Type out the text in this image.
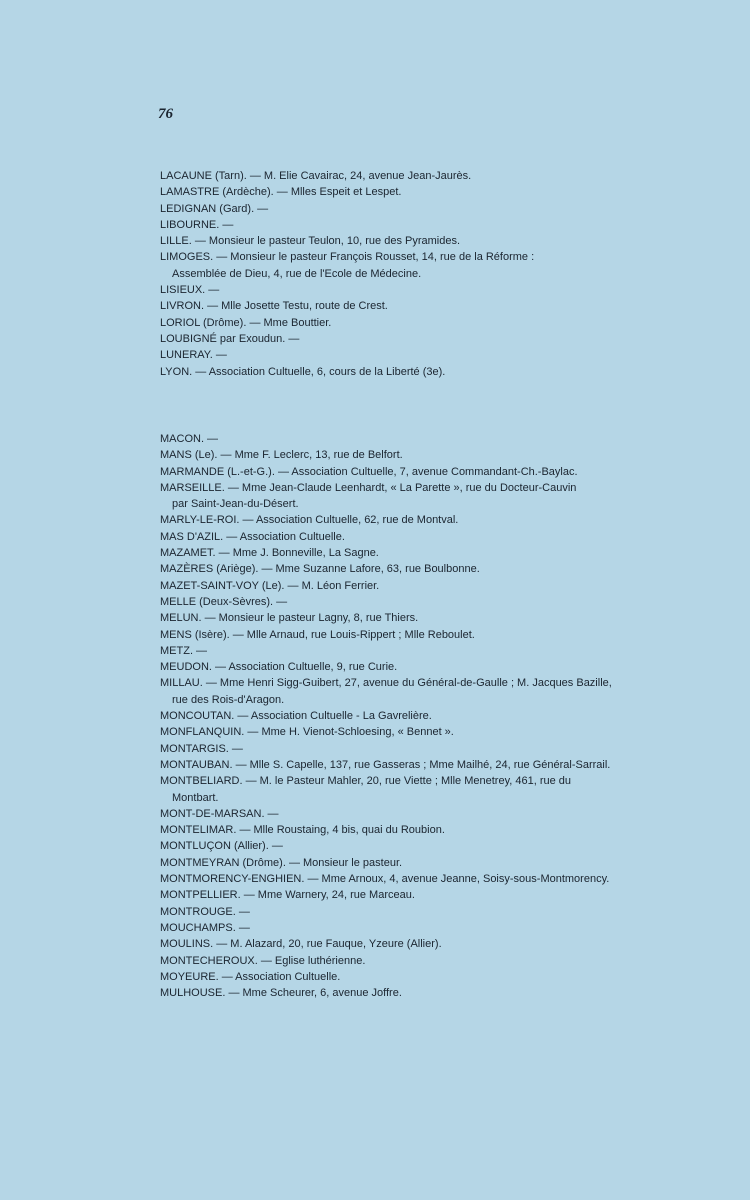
76
LACAUNE (Tarn). — M. Elie Cavairac, 24, avenue Jean-Jaurès.
LAMASTRE (Ardèche). — Mlles Espeit et Lespet.
LEDIGNAN (Gard). —
LIBOURNE. —
LILLE. — Monsieur le pasteur Teulon, 10, rue des Pyramides.
LIMOGES. — Monsieur le pasteur François Rousset, 14, rue de la Réforme :
Assemblée de Dieu, 4, rue de l'Ecole de Médecine.
LISIEUX. —
LIVRON. — Mlle Josette Testu, route de Crest.
LORIOL (Drôme). — Mme Bouttier.
LOUBIGNÉ par Exoudun. —
LUNERAY. —
LYON. — Association Cultuelle, 6, cours de la Liberté (3e).
MACON. —
MANS (Le). — Mme F. Leclerc, 13, rue de Belfort.
MARMANDE (L.-et-G.). — Association Cultuelle, 7, avenue Commandant-Ch.-Baylac.
MARSEILLE. — Mme Jean-Claude Leenhardt, « La Parette », rue du Docteur-Cauvin
par Saint-Jean-du-Désert.
MARLY-LE-ROI. — Association Cultuelle, 62, rue de Montval.
MAS D'AZIL. — Association Cultuelle.
MAZAMET. — Mme J. Bonneville, La Sagne.
MAZÈRES (Ariège). — Mme Suzanne Lafore, 63, rue Boulbonne.
MAZET-SAINT-VOY (Le). — M. Léon Ferrier.
MELLE (Deux-Sèvres). —
MELUN. — Monsieur le pasteur Lagny, 8, rue Thiers.
MENS (Isère). — Mlle Arnaud, rue Louis-Rippert ; Mlle Reboulet.
METZ. —
MEUDON. — Association Cultuelle, 9, rue Curie.
MILLAU. — Mme Henri Sigg-Guibert, 27, avenue du Général-de-Gaulle ; M. Jacques Bazille,
rue des Rois-d'Aragon.
MONCOUTAN. — Association Cultuelle - La Gavrelière.
MONFLANQUIN. — Mme H. Vienot-Schloesing, « Bennet ».
MONTARGIS. —
MONTAUBAN. — Mlle S. Capelle, 137, rue Gasseras ; Mme Mailhé, 24, rue Général-Sarrail.
MONTBELIARD. — M. le Pasteur Mahler, 20, rue Viette ; Mlle Menetrey, 461, rue du
Montbart.
MONT-DE-MARSAN. —
MONTELIMAR. — Mlle Roustaing, 4 bis, quai du Roubion.
MONTLUÇON (Allier). —
MONTMEYRAN (Drôme). — Monsieur le pasteur.
MONTMORENCY-ENGHIEN. — Mme Arnoux, 4, avenue Jeanne, Soisy-sous-Montmorency.
MONTPELLIER. — Mme Warnery, 24, rue Marceau.
MONTROUGE. —
MOUCHAMPS. —
MOULINS. — M. Alazard, 20, rue Fauque, Yzeure (Allier).
MONTECHEROUX. — Eglise luthérienne.
MOYEURE. — Association Cultuelle.
MULHOUSE. — Mme Scheurer, 6, avenue Joffre.
